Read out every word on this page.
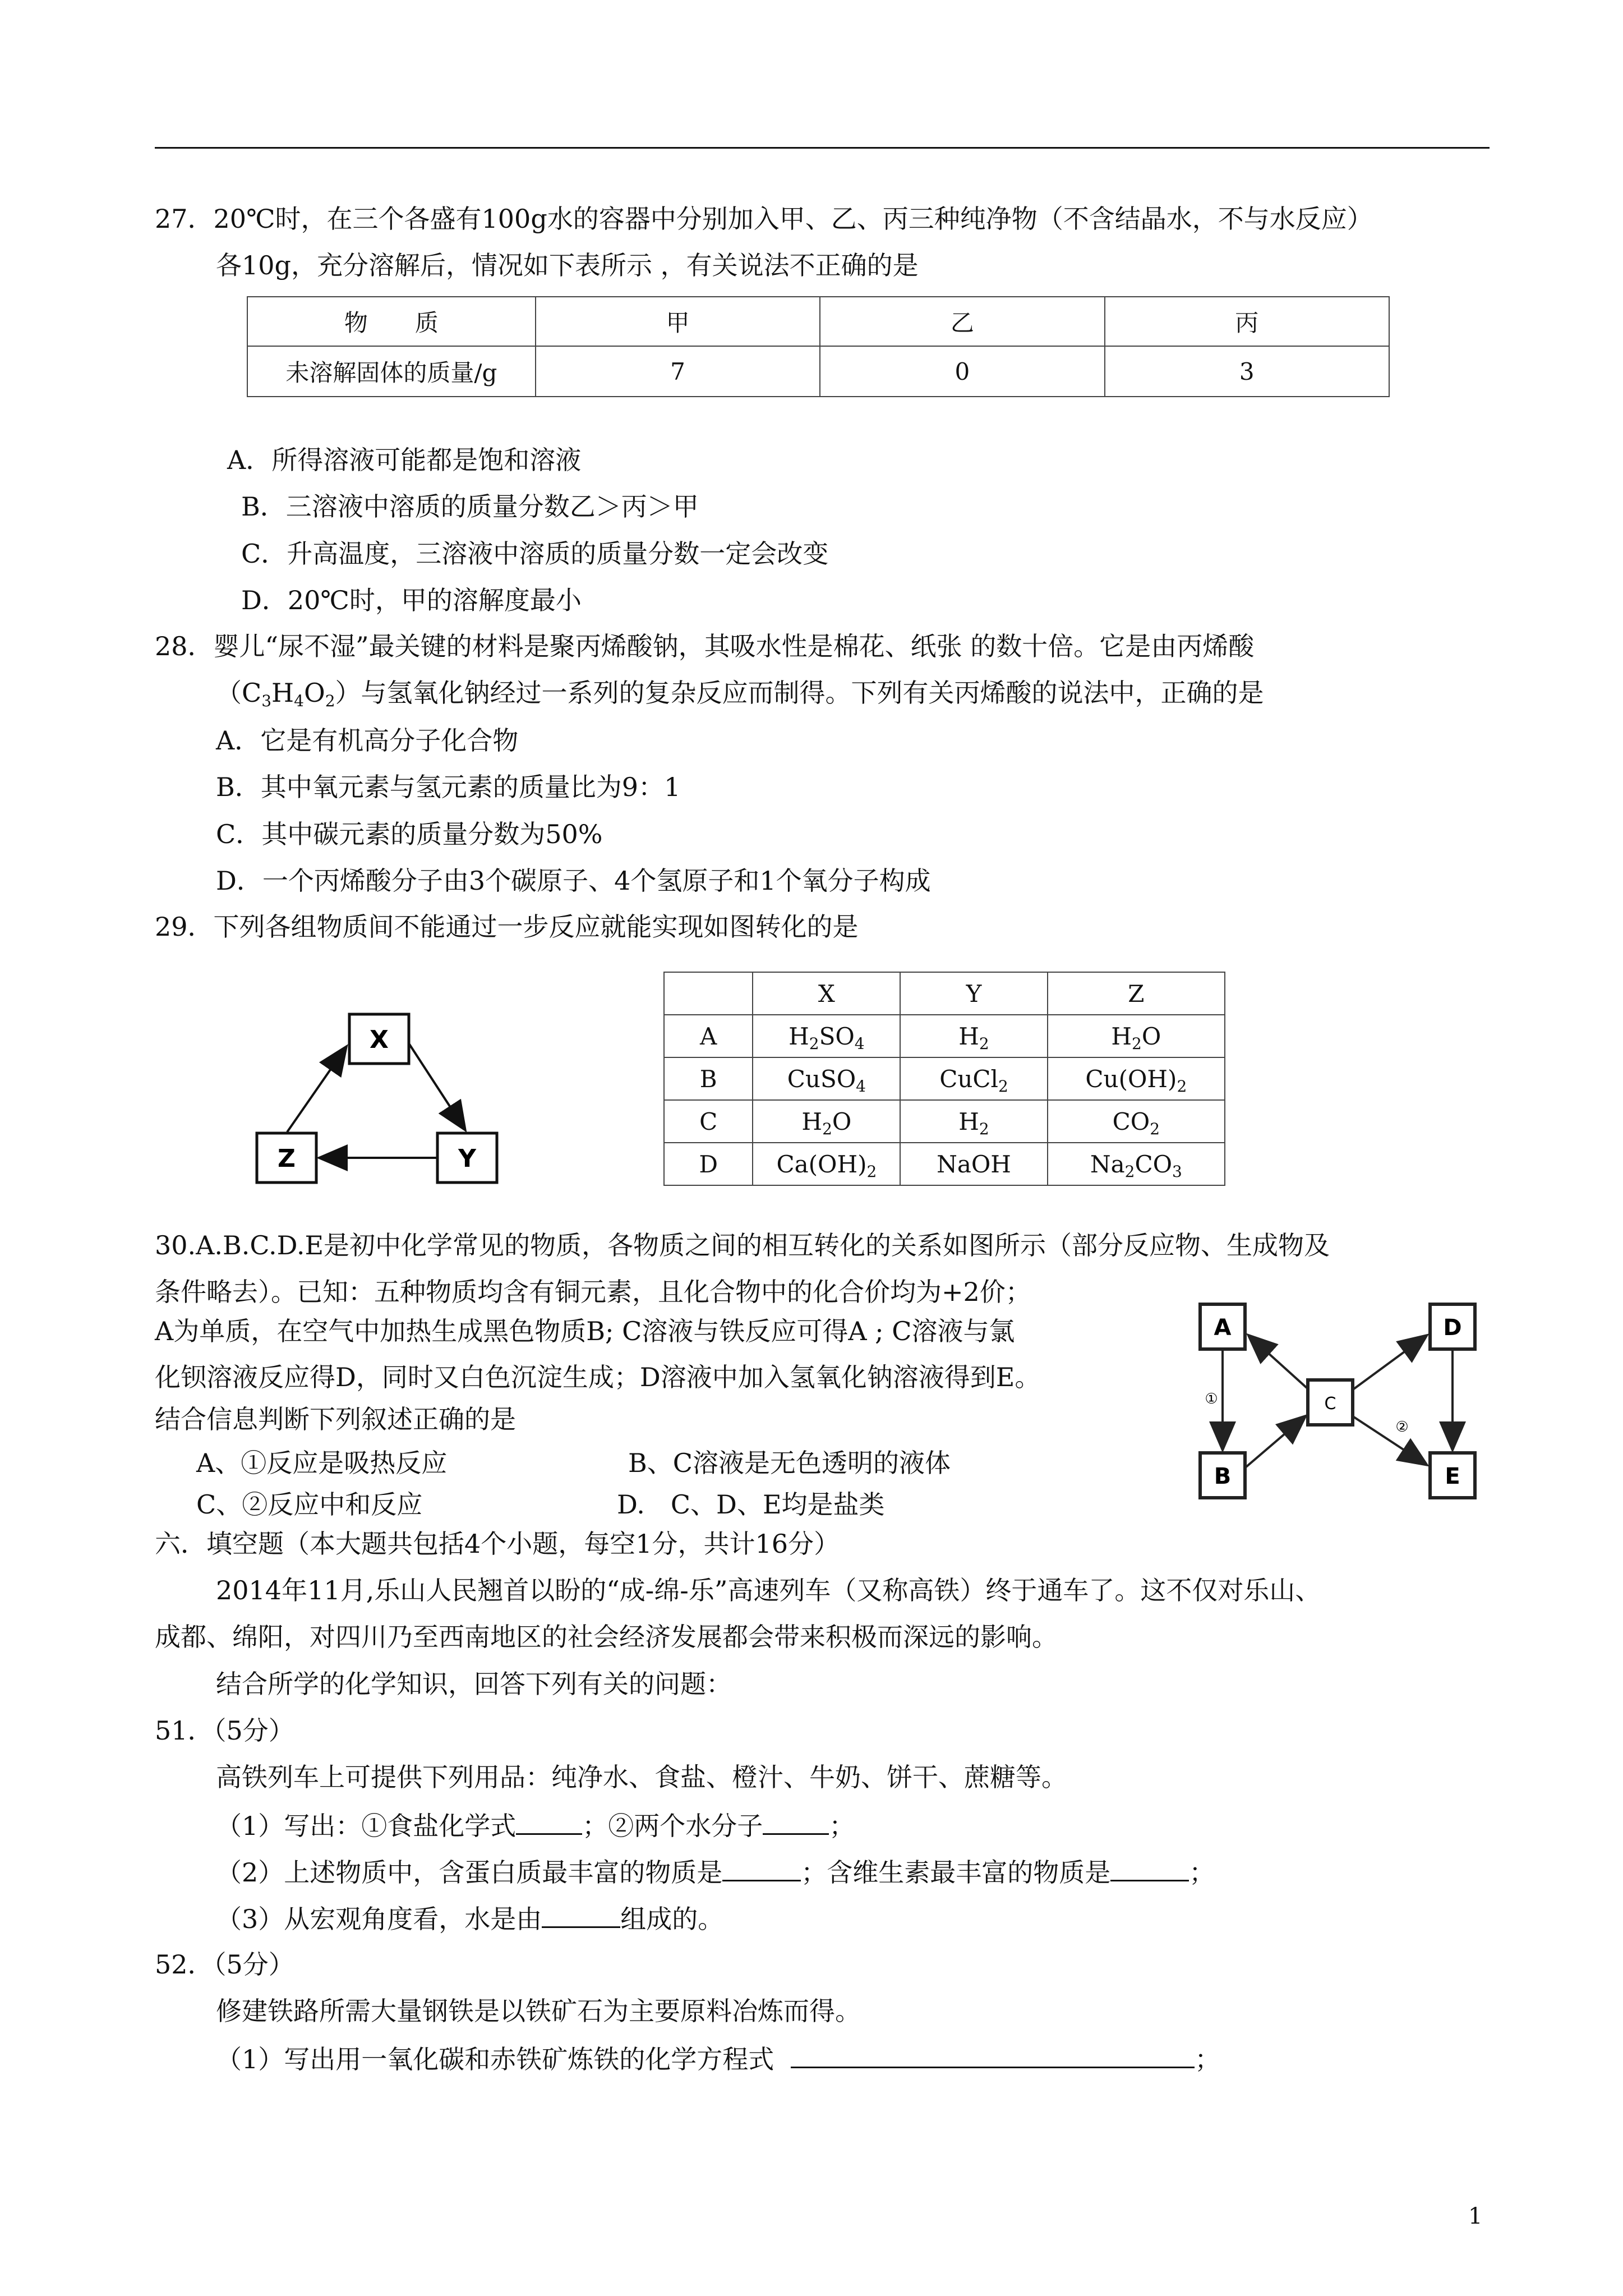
27．20℃时，在三个各盛有100g水的容器中分别加入甲、乙、丙三种纯净物（不含结晶水，不与水反应）
各10g，充分溶解后，情况如下表所示 ，有关说法不正确的是
物　　质	甲	乙	丙
未溶解固体的质量/g	7	0	3
A．所得溶液可能都是饱和溶液
B．三溶液中溶质的质量分数乙＞丙＞甲
C．升高温度，三溶液中溶质的质量分数一定会改变
D．20℃时，甲的溶解度最小
28．婴儿“尿不湿”最关键的材料是聚丙烯酸钠，其吸水性是棉花、纸张 的数十倍。它是由丙烯酸
$(C_3H_4O_2)$与氢氧化钠经过一系列的复杂反应而制得。下列有关丙烯酸的说法中，正确的是
A．它是有机高分子化合物
B．其中氧元素与氢元素的质量比为9：1
C．其中碳元素的质量分数为50%
D．一个丙烯酸分子由3个碳原子、4个氢原子和1个氧分子构成
29．下列各组物质间不能通过一步反应就能实现如图转化的是
X
Z	Y
	X	Y	Z
A	$H_2SO_4$	$H_2$	$H_2O$
B	CuSO$_4$	CuCl$_2$	$Cu(OH)_2$
C	$H_2O$	$H_2$	$CO_2$
D	$Ca(OH)_2$	NaOH	$Na_2CO_3$
30.A.B.C.D.E是初中化学常见的物质，各物质之间的相互转化的关系如图所示（部分反应物、生成物及
条件略去）。已知：五种物质均含有铜元素，且化合物中的化合价均为+2价；
A为单质，在空气中加热生成黑色物质B; C溶液与铁反应可得A ; C溶液与氯
化钡溶液反应得D，同时又白色沉淀生成；D溶液中加入氢氧化钠溶液得到E。
结合信息判断下列叙述正确的是
A、①反应是吸热反应	B、C溶液是无色透明的液体
C、②反应中和反应	D.　C、D、E均是盐类
A
B
C
D
E
①
②
六．填空题（本大题共包括4个小题，每空1分，共计16分）
2014年11月,乐山人民翘首以盼的“成-绵-乐”高速列车（又称高铁）终于通车了。这不仅对乐山、
成都、绵阳，对四川乃至西南地区的社会经济发展都会带来积极而深远的影响。
结合所学的化学知识，回答下列有关的问题：
51．（5分）
高铁列车上可提供下列用品：纯净水、食盐、橙汁、牛奶、饼干、蔗糖等。
（1）写出：①食盐化学式	；②两个水分子	；
（2）上述物质中，含蛋白质最丰富的物质是	；含维生素最丰富的物质是	；
（3）从宏观角度看，水是由	组成的。
52．（5分）
修建铁路所需大量钢铁是以铁矿石为主要原料冶炼而得。
（1）写出用一氧化碳和赤铁矿炼铁的化学方程式	；
1
